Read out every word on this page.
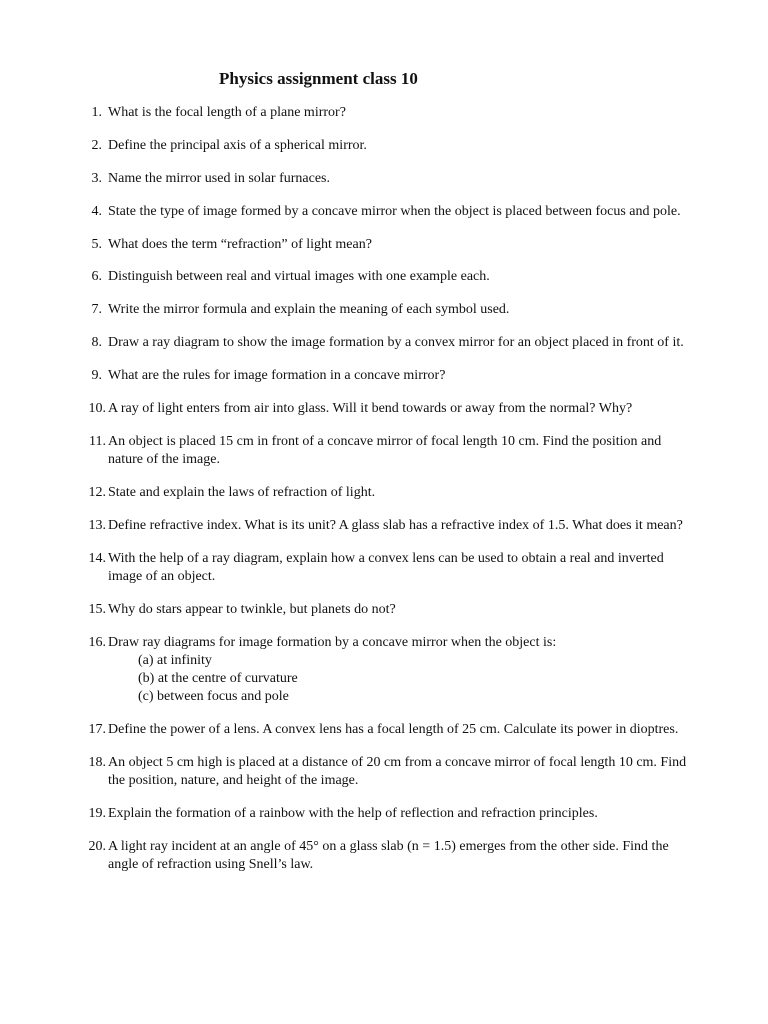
Physics assignment class 10
1. What is the focal length of a plane mirror?
2. Define the principal axis of a spherical mirror.
3. Name the mirror used in solar furnaces.
4. State the type of image formed by a concave mirror when the object is placed between focus and pole.
5. What does the term “refraction” of light mean?
6. Distinguish between real and virtual images with one example each.
7. Write the mirror formula and explain the meaning of each symbol used.
8. Draw a ray diagram to show the image formation by a convex mirror for an object placed in front of it.
9. What are the rules for image formation in a concave mirror?
10. A ray of light enters from air into glass. Will it bend towards or away from the normal? Why?
11. An object is placed 15 cm in front of a concave mirror of focal length 10 cm. Find the position and nature of the image.
12. State and explain the laws of refraction of light.
13. Define refractive index. What is its unit? A glass slab has a refractive index of 1.5. What does it mean?
14. With the help of a ray diagram, explain how a convex lens can be used to obtain a real and inverted image of an object.
15. Why do stars appear to twinkle, but planets do not?
16. Draw ray diagrams for image formation by a concave mirror when the object is:
(a) at infinity
(b) at the centre of curvature
(c) between focus and pole
17. Define the power of a lens. A convex lens has a focal length of 25 cm. Calculate its power in dioptres.
18. An object 5 cm high is placed at a distance of 20 cm from a concave mirror of focal length 10 cm. Find the position, nature, and height of the image.
19. Explain the formation of a rainbow with the help of reflection and refraction principles.
20. A light ray incident at an angle of 45° on a glass slab (n = 1.5) emerges from the other side. Find the angle of refraction using Snell’s law.
